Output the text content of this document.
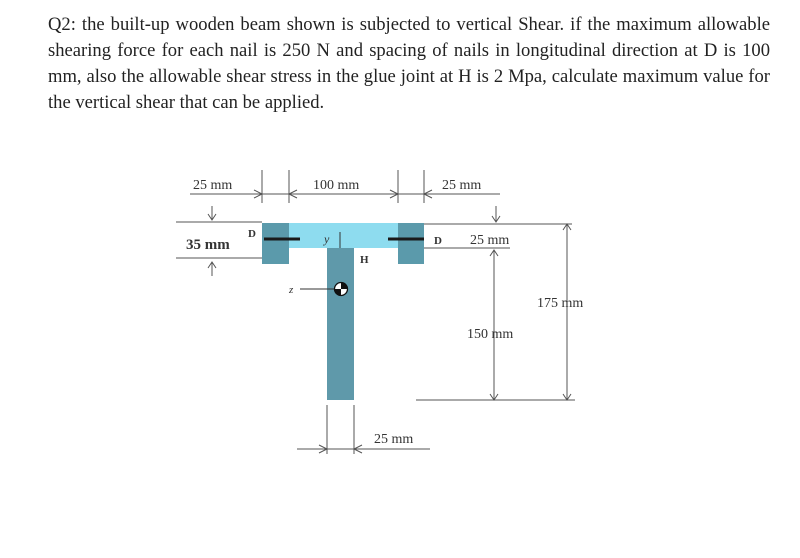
Q2: the built-up wooden beam shown is subjected to vertical Shear. if the maximum allowable shearing force for each nail is 250 N and spacing of nails in longitudinal direction at D is 100 mm, also the allowable shear stress in the glue joint at H is 2 Mpa, calculate maximum value for the vertical shear that can be applied.

25 mm	100 mm	25 mm
35 mm
D
D
H
y
z
25 mm
175 mm
150 mm
25 mm
